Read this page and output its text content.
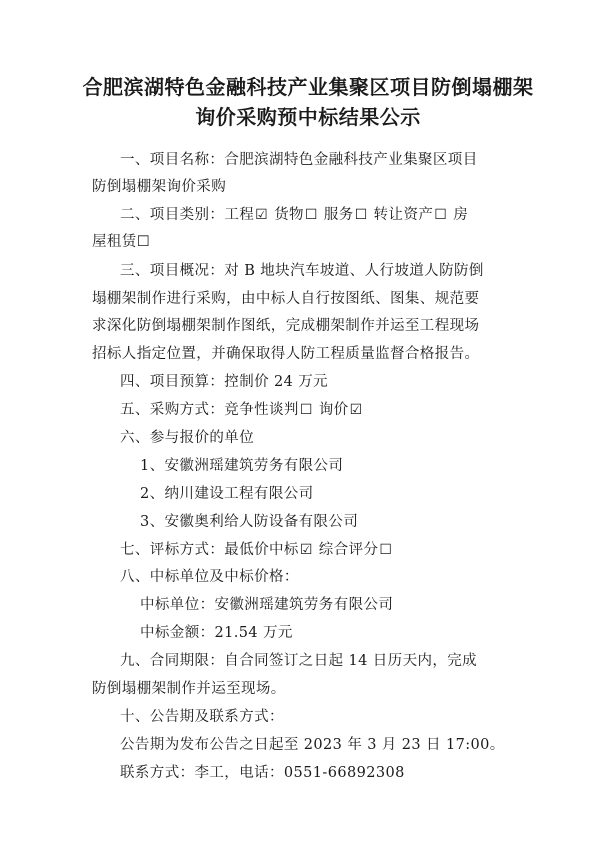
合肥滨湖特色金融科技产业集聚区项目防倒塌棚架
询价采购预中标结果公示
一、项目名称：合肥滨湖特色金融科技产业集聚区项目
防倒塌棚架询价采购
二、项目类别：工程☑ 货物☐ 服务☐ 转让资产☐ 房
屋租赁☐
三、项目概况：对 B 地块汽车坡道、人行坡道人防防倒
塌棚架制作进行采购，由中标人自行按图纸、图集、规范要
求深化防倒塌棚架制作图纸，完成棚架制作并运至工程现场
招标人指定位置，并确保取得人防工程质量监督合格报告。
四、项目预算：控制价 24 万元
五、采购方式：竞争性谈判☐ 询价☑
六、参与报价的单位
1、安徽洲瑶建筑劳务有限公司
2、纳川建设工程有限公司
3、安徽奥利给人防设备有限公司
七、评标方式：最低价中标☑ 综合评分☐
八、中标单位及中标价格：
中标单位：安徽洲瑶建筑劳务有限公司
中标金额：21.54 万元
九、合同期限：自合同签订之日起 14 日历天内，完成
防倒塌棚架制作并运至现场。
十、公告期及联系方式：
公告期为发布公告之日起至 2023 年 3 月 23 日 17:00。
联系方式：李工，电话：0551-66892308
